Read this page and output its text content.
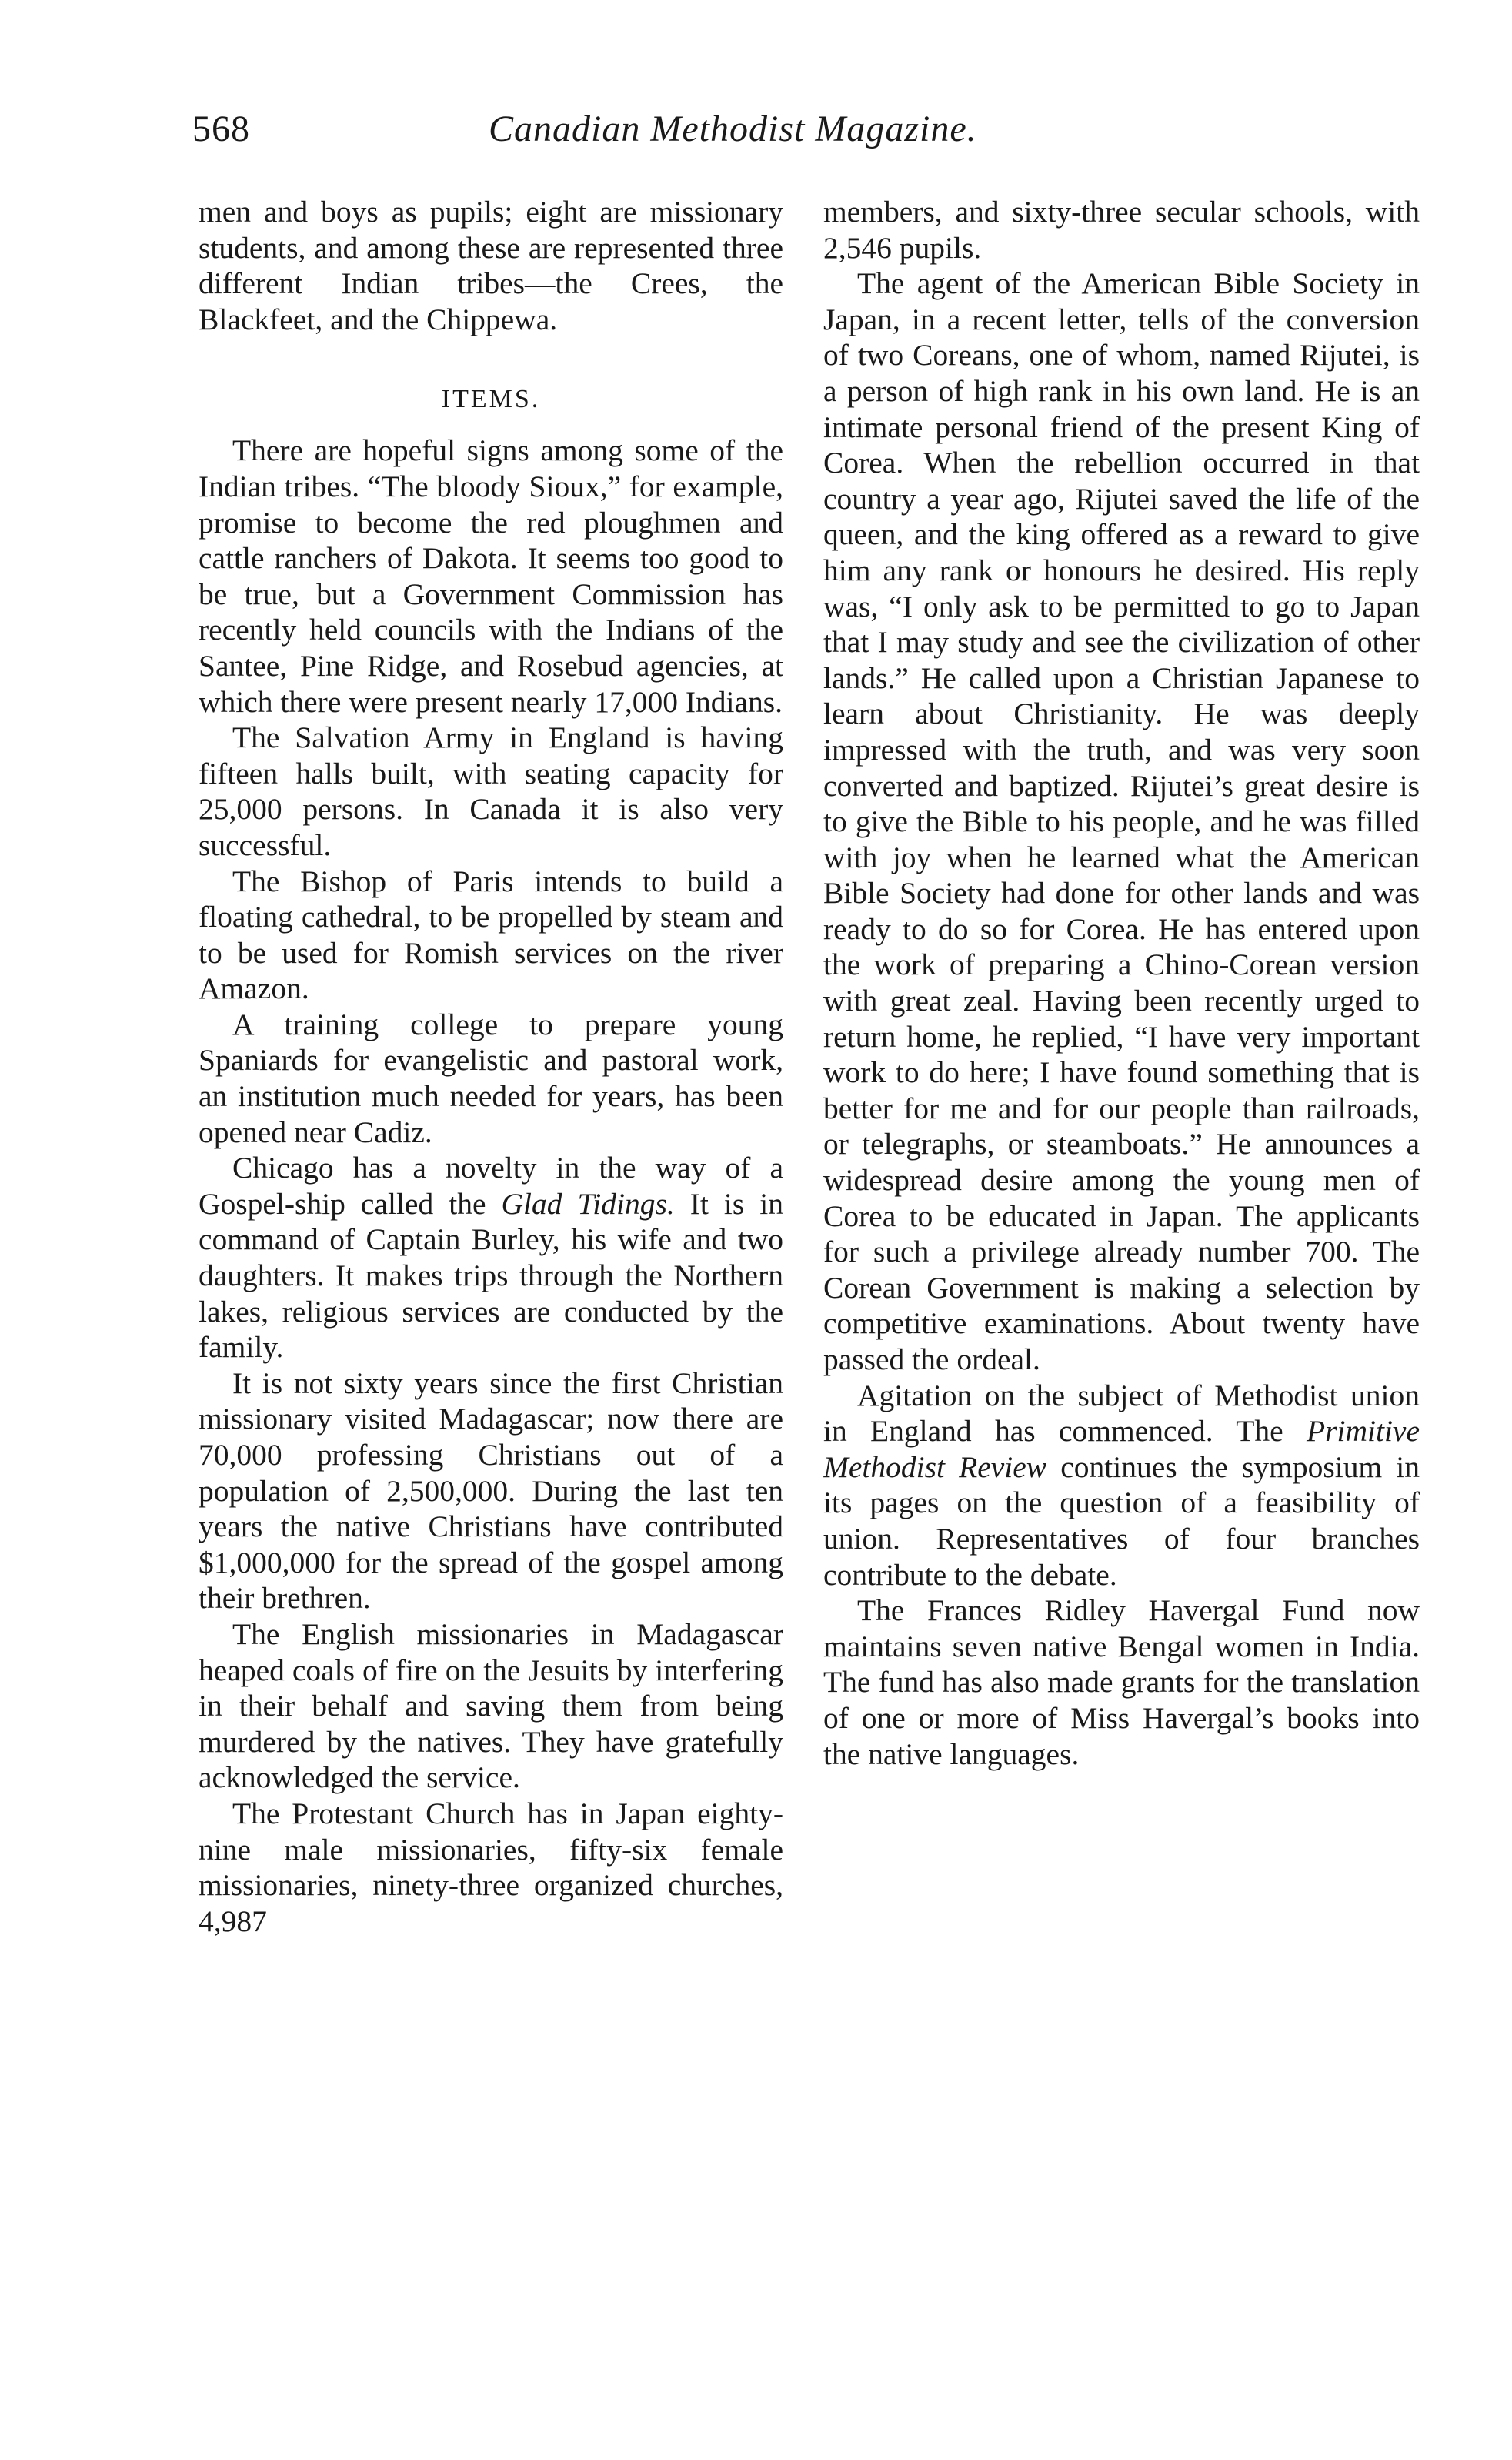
568	Canadian Methodist Magazine.

men and boys as pupils; eight are missionary students, and among these are represented three different Indian tribes—the Crees, the Blackfeet, and the Chippewa.

ITEMS.

There are hopeful signs among some of the Indian tribes. “The bloody Sioux,” for example, promise to become the red ploughmen and cattle ranchers of Dakota. It seems too good to be true, but a Government Commission has recently held councils with the Indians of the Santee, Pine Ridge, and Rosebud agencies, at which there were present nearly 17,000 Indians.

The Salvation Army in England is having fifteen halls built, with seating capacity for 25,000 persons. In Canada it is also very successful.

The Bishop of Paris intends to build a floating cathedral, to be propelled by steam and to be used for Romish services on the river Amazon.

A training college to prepare young Spaniards for evangelistic and pastoral work, an institution much needed for years, has been opened near Cadiz.

Chicago has a novelty in the way of a Gospel-ship called the Glad Tidings. It is in command of Captain Burley, his wife and two daughters. It makes trips through the Northern lakes, religious services are conducted by the family.

It is not sixty years since the first Christian missionary visited Madagascar; now there are 70,000 professing Christians out of a population of 2,500,000. During the last ten years the native Christians have contributed $1,000,000 for the spread of the gospel among their brethren.

The English missionaries in Madagascar heaped coals of fire on the Jesuits by interfering in their behalf and saving them from being murdered by the natives. They have gratefully acknowledged the service.

The Protestant Church has in Japan eighty-nine male missionaries, fifty-six female missionaries, ninety-three organized churches, 4,987

members, and sixty-three secular schools, with 2,546 pupils.

The agent of the American Bible Society in Japan, in a recent letter, tells of the conversion of two Coreans, one of whom, named Rijutei, is a person of high rank in his own land. He is an intimate personal friend of the present King of Corea. When the rebellion occurred in that country a year ago, Rijutei saved the life of the queen, and the king offered as a reward to give him any rank or honours he desired. His reply was, “I only ask to be permitted to go to Japan that I may study and see the civilization of other lands.” He called upon a Christian Japanese to learn about Christianity. He was deeply impressed with the truth, and was very soon converted and baptized. Rijutei’s great desire is to give the Bible to his people, and he was filled with joy when he learned what the American Bible Society had done for other lands and was ready to do so for Corea. He has entered upon the work of preparing a Chino-Corean version with great zeal. Having been recently urged to return home, he replied, “I have very important work to do here; I have found something that is better for me and for our people than railroads, or telegraphs, or steamboats.” He announces a widespread desire among the young men of Corea to be educated in Japan. The applicants for such a privilege already number 700. The Corean Government is making a selection by competitive examinations. About twenty have passed the ordeal.

Agitation on the subject of Methodist union in England has commenced. The Primitive Methodist Review continues the symposium in its pages on the question of a feasibility of union. Representatives of four branches contribute to the debate.

The Frances Ridley Havergal Fund now maintains seven native Bengal women in India. The fund has also made grants for the translation of one or more of Miss Havergal’s books into the native languages.
